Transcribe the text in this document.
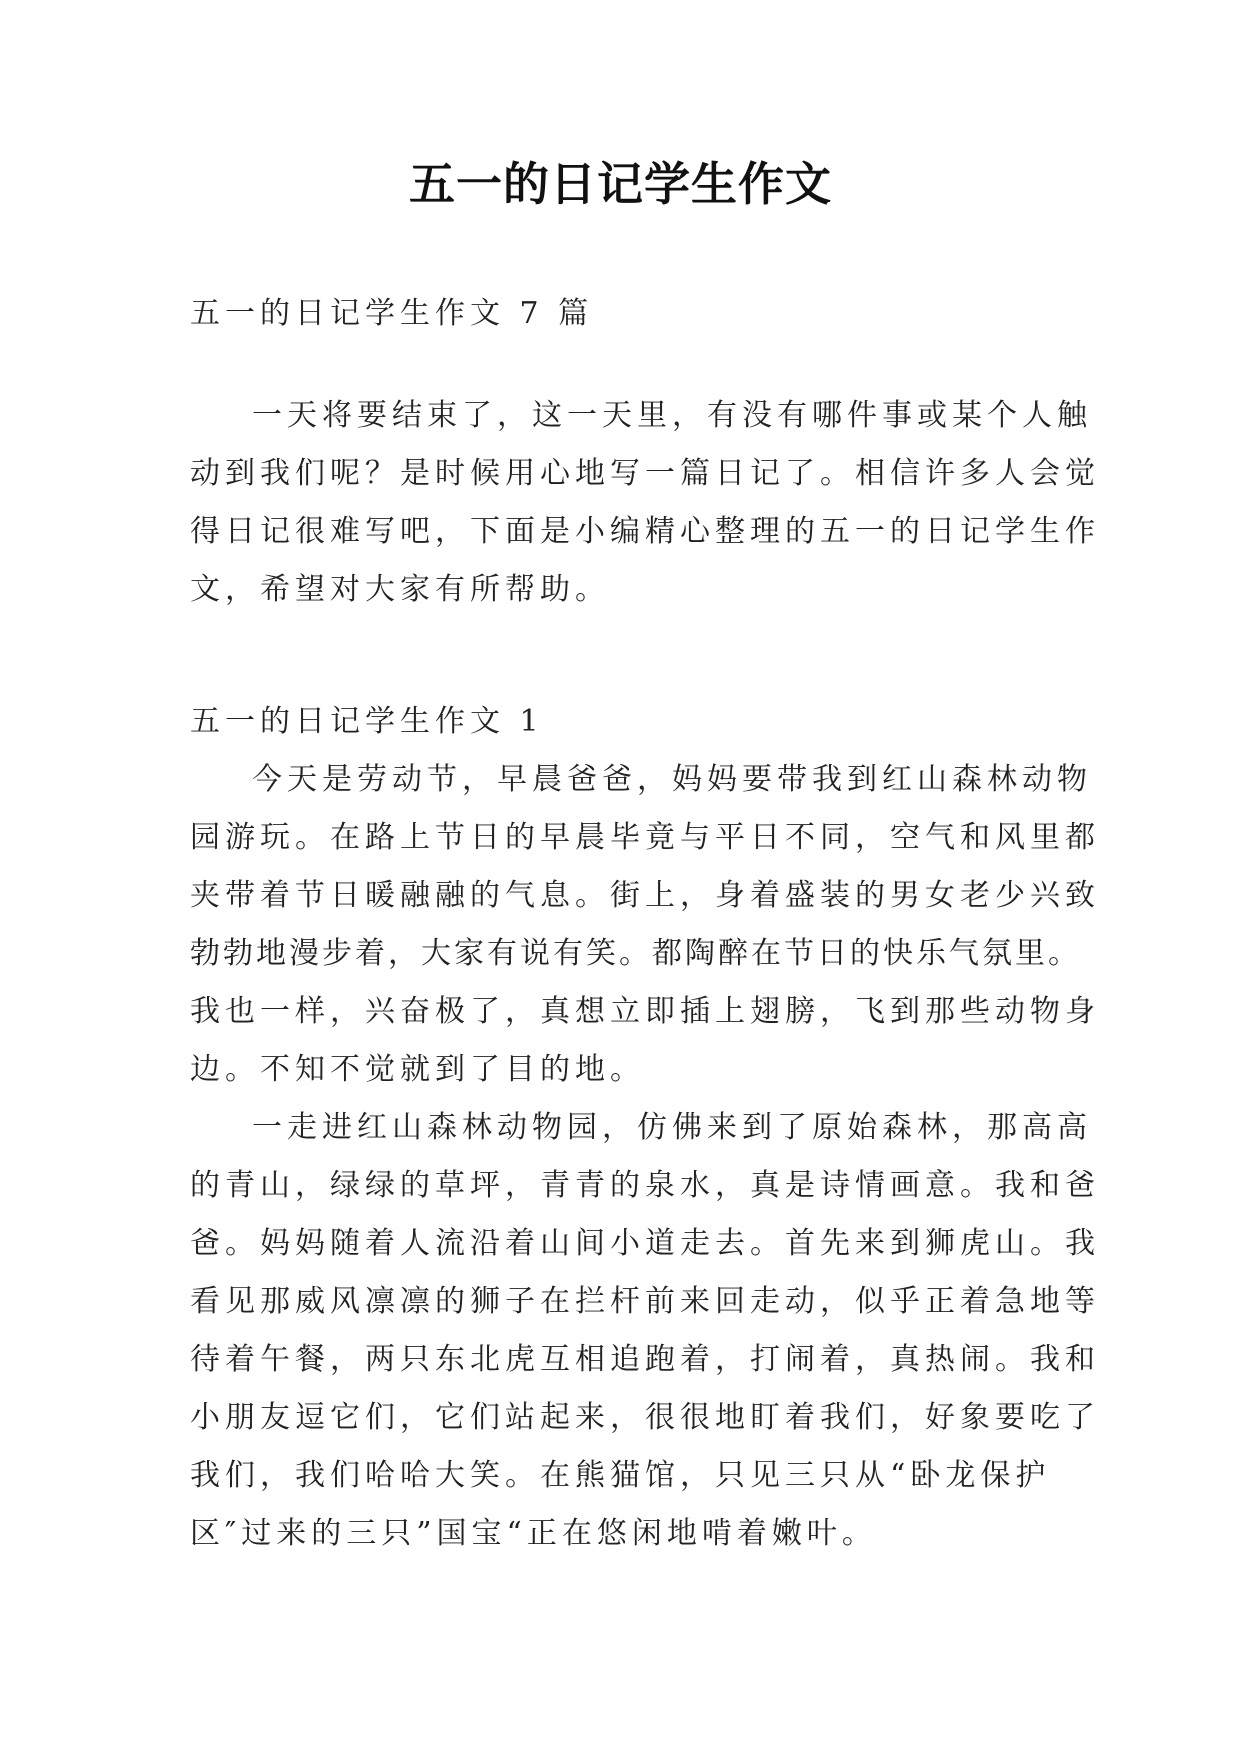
五一的日记学生作文

五一的日记学生作文 7 篇

一天将要结束了，这一天里，有没有哪件事或某个人触

动到我们呢？是时候用心地写一篇日记了。相信许多人会觉

得日记很难写吧，下面是小编精心整理的五一的日记学生作

文，希望对大家有所帮助。

五一的日记学生作文 1

今天是劳动节，早晨爸爸，妈妈要带我到红山森林动物

园游玩。在路上节日的早晨毕竟与平日不同，空气和风里都

夹带着节日暖融融的气息。街上，身着盛装的男女老少兴致

勃勃地漫步着，大家有说有笑。都陶醉在节日的快乐气氛里。

我也一样，兴奋极了，真想立即插上翅膀，飞到那些动物身

边。不知不觉就到了目的地。

一走进红山森林动物园，仿佛来到了原始森林，那高高

的青山，绿绿的草坪，青青的泉水，真是诗情画意。我和爸

爸。妈妈随着人流沿着山间小道走去。首先来到狮虎山。我

看见那威风凛凛的狮子在拦杆前来回走动，似乎正着急地等

待着午餐，两只东北虎互相追跑着，打闹着，真热闹。我和

小朋友逗它们，它们站起来，很很地盯着我们，好象要吃了

我们，我们哈哈大笑。在熊猫馆，只见三只从“卧龙保护

区″过来的三只”国宝“正在悠闲地啃着嫩叶。
